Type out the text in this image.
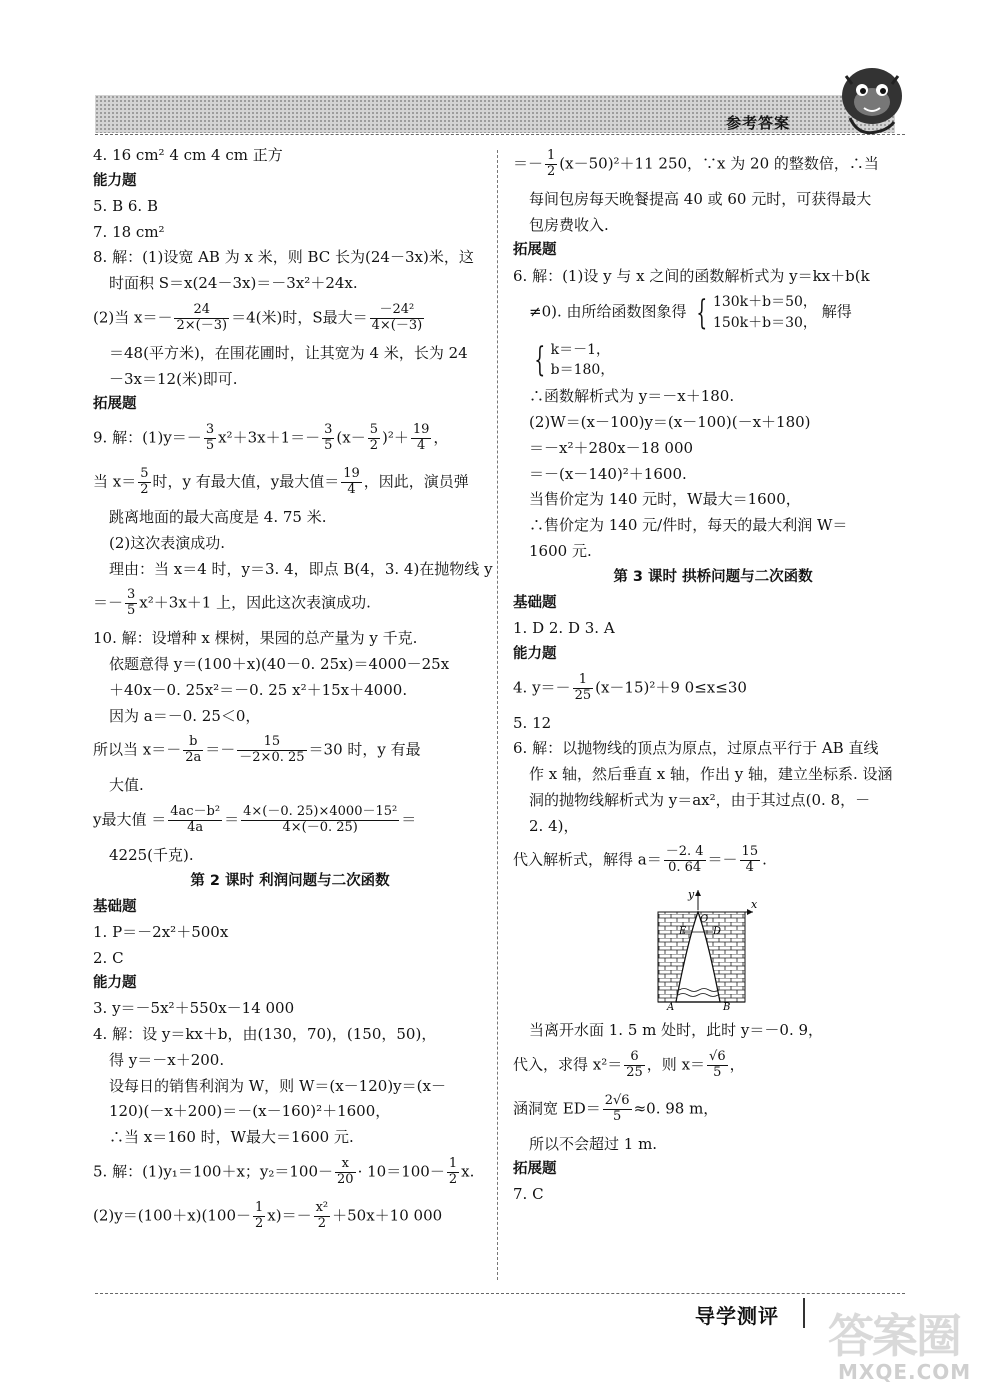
参考答案
4. 16 cm² 4 cm 4 cm 正方
能力题
5. B 6. B
7. 18 cm²
8. 解：(1)设宽 AB 为 x 米，则 BC 长为(24－3x)米，这
时面积 S＝x(24－3x)＝－3x²＋24x.
(2)当 $x=- \frac{24}{2\times(-3)} =4$(米)时，S最大＝ $\frac{\text{－24²}}{4\times(-3)}$
＝48(平方米)，在围花圃时，让其宽为 4 米，长为 24
－3x＝12(米)即可.
拓展题
9. 解：$(1)y=- \frac{3}{5} x^2+3x+1=- \frac{3}{5} (x- \frac{5}{2} )^2+ \frac{19}{4}$ ，
当 $x= \frac{5}{2}$ 时，y 有最大值，y最大值＝ $\frac{19}{4}$ ，因此，演员弹
跳离地面的最大高度是 4. 75 米.
(2)这次表演成功.
理由：当 x＝4 时，y＝3. 4，即点 B(4，3. 4)在抛物线 y
＝－ $\frac{3}{5} x^2+3x+1$ 上，因此这次表演成功.
10. 解：设增种 x 棵树，果园的总产量为 y 千克.
依题意得 y＝(100＋x)(40－0. 25x)＝4000－25x
＋40x－0. 25x²＝－0. 25 x²＋15x＋4000.
因为 a＝－0. 25＜0，
所以当 $x=- \frac{b}{2a} =- \frac{15}{-2\times 0. 25} =30$ 时，y 有最
大值.
y最大值 ＝ $\frac{\text{4ac－b²}}{4a} = \frac{\text{4×(－0. 25)×4000－15²}}{4\times(-0. 25)}$ ＝
4225(千克).
第 2 课时 利润问题与二次函数
基础题
1. P＝－2x²＋500x
2. C
能力题
3. y＝－5x²＋550x－14 000
4. 解：设 y＝kx＋b，由(130，70)，(150，50)，
得 y＝－x＋200.
设每日的销售利润为 W，则 W＝(x－120)y＝(x－
120)(－x＋200)＝－(x－160)²＋1600，
∴当 x＝160 时，W最大＝1600 元.
5. 解：(1)y₁＝100＋x；$y_2=100- \frac{x}{20} \cdot 10=100- \frac{1}{2} x$.
$(2)y=(100+x)(100- \frac{1}{2} x)=- \frac{\text{x²}}{2} +50x+10$ 000
＝－ $\frac{1}{2} (x-50)^2+11$ 250，∵x 为 20 的整数倍，∴当
每间包房每天晚餐提高 40 或 60 元时，可获得最大
包房费收入.
拓展题
6. 解：(1)设 y 与 x 之间的函数解析式为 y＝kx＋b(k
≠0). 由所给函数图象得 { 130k＋b＝50，
150k＋b＝30，
解得
{ k＝－1，
b＝180，
∴函数解析式为 y＝－x＋180.
(2)W＝(x－100)y＝(x－100)(－x＋180)
＝－x²＋280x－18 000
＝－(x－140)²＋1600.
当售价定为 140 元时，W最大＝1600，
∴售价定为 140 元/件时，每天的最大利润 W＝
1600 元.
第 3 课时 拱桥问题与二次函数
基础题
1. D 2. D 3. A
能力题
4. $y=- \frac{1}{25} (x-15)^2+9$ 0≤x≤30
5. 12
6. 解：以抛物线的顶点为原点，过原点平行于 AB 直线
作 x 轴，然后垂直 x 轴，作出 y 轴，建立坐标系. 设涵
洞的抛物线解析式为 y＝ax²，由于其过点(0. 8，－
2. 4)，
代入解析式，解得 $a= \frac{-2. 4}{0. 64} =- \frac{15}{4}$ .
y
x
O
E	D
A	B
当离开水面 1. 5 m 处时，此时 y＝－0. 9，
代入，求得 $x^2= \frac{6}{25}$ ，则 $x= \frac{√6}{5}$ ，
涵洞宽 $ED= \frac{2√6}{5} \approx 0$. 98 m，
所以不会超过 1 m.
拓展题
7. C
导学测评 答案圈
MXQE.COM
